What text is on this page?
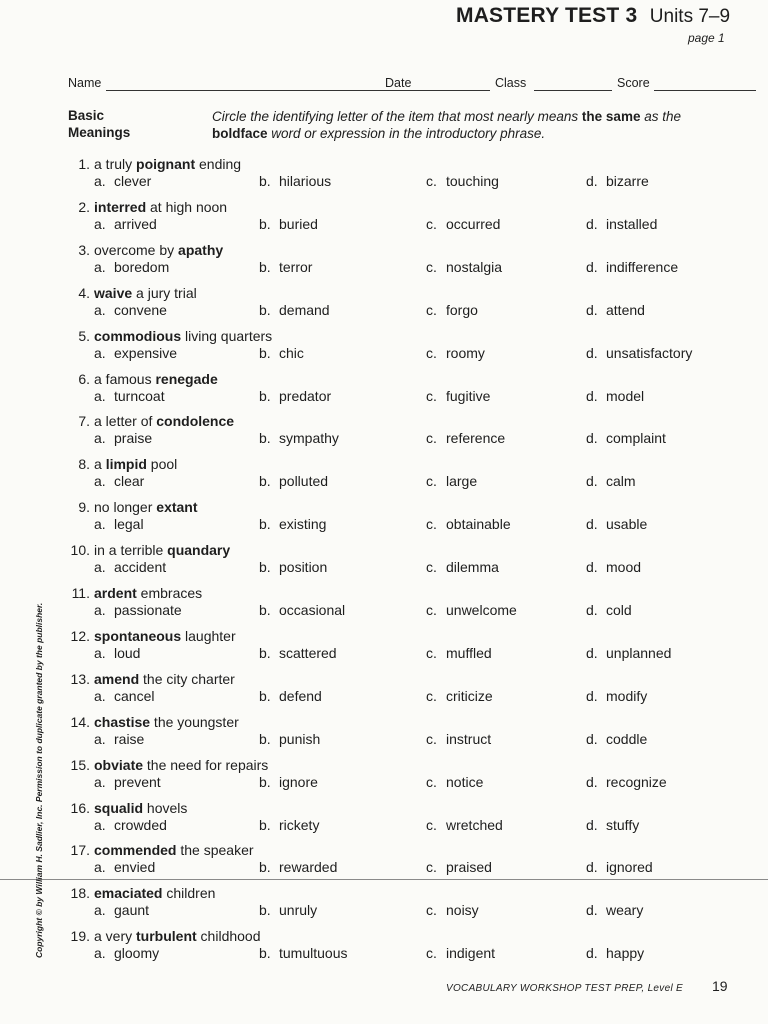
MASTERY TEST 3 Units 7–9
page 1
Name	Date	Class	Score
Basic
Meanings
Circle the identifying letter of the item that most nearly means the same as the boldface word or expression in the introductory phrase.
1. a truly poignant ending
a. clever	b. hilarious	c. touching	d. bizarre
2. interred at high noon
a. arrived	b. buried	c. occurred	d. installed
3. overcome by apathy
a. boredom	b. terror	c. nostalgia	d. indifference
4. waive a jury trial
a. convene	b. demand	c. forgo	d. attend
5. commodious living quarters
a. expensive	b. chic	c. roomy	d. unsatisfactory
6. a famous renegade
a. turncoat	b. predator	c. fugitive	d. model
7. a letter of condolence
a. praise	b. sympathy	c. reference	d. complaint
8. a limpid pool
a. clear	b. polluted	c. large	d. calm
9. no longer extant
a. legal	b. existing	c. obtainable	d. usable
10. in a terrible quandary
a. accident	b. position	c. dilemma	d. mood
11. ardent embraces
a. passionate	b. occasional	c. unwelcome	d. cold
12. spontaneous laughter
a. loud	b. scattered	c. muffled	d. unplanned
13. amend the city charter
a. cancel	b. defend	c. criticize	d. modify
14. chastise the youngster
a. raise	b. punish	c. instruct	d. coddle
15. obviate the need for repairs
a. prevent	b. ignore	c. notice	d. recognize
16. squalid hovels
a. crowded	b. rickety	c. wretched	d. stuffy
17. commended the speaker
a. envied	b. rewarded	c. praised	d. ignored
18. emaciated children
a. gaunt	b. unruly	c. noisy	d. weary
19. a very turbulent childhood
a. gloomy	b. tumultuous	c. indigent	d. happy
Copyright © by William H. Sadlier, Inc. Permission to duplicate granted by the publisher.
VOCABULARY WORKSHOP TEST PREP, Level E 19
